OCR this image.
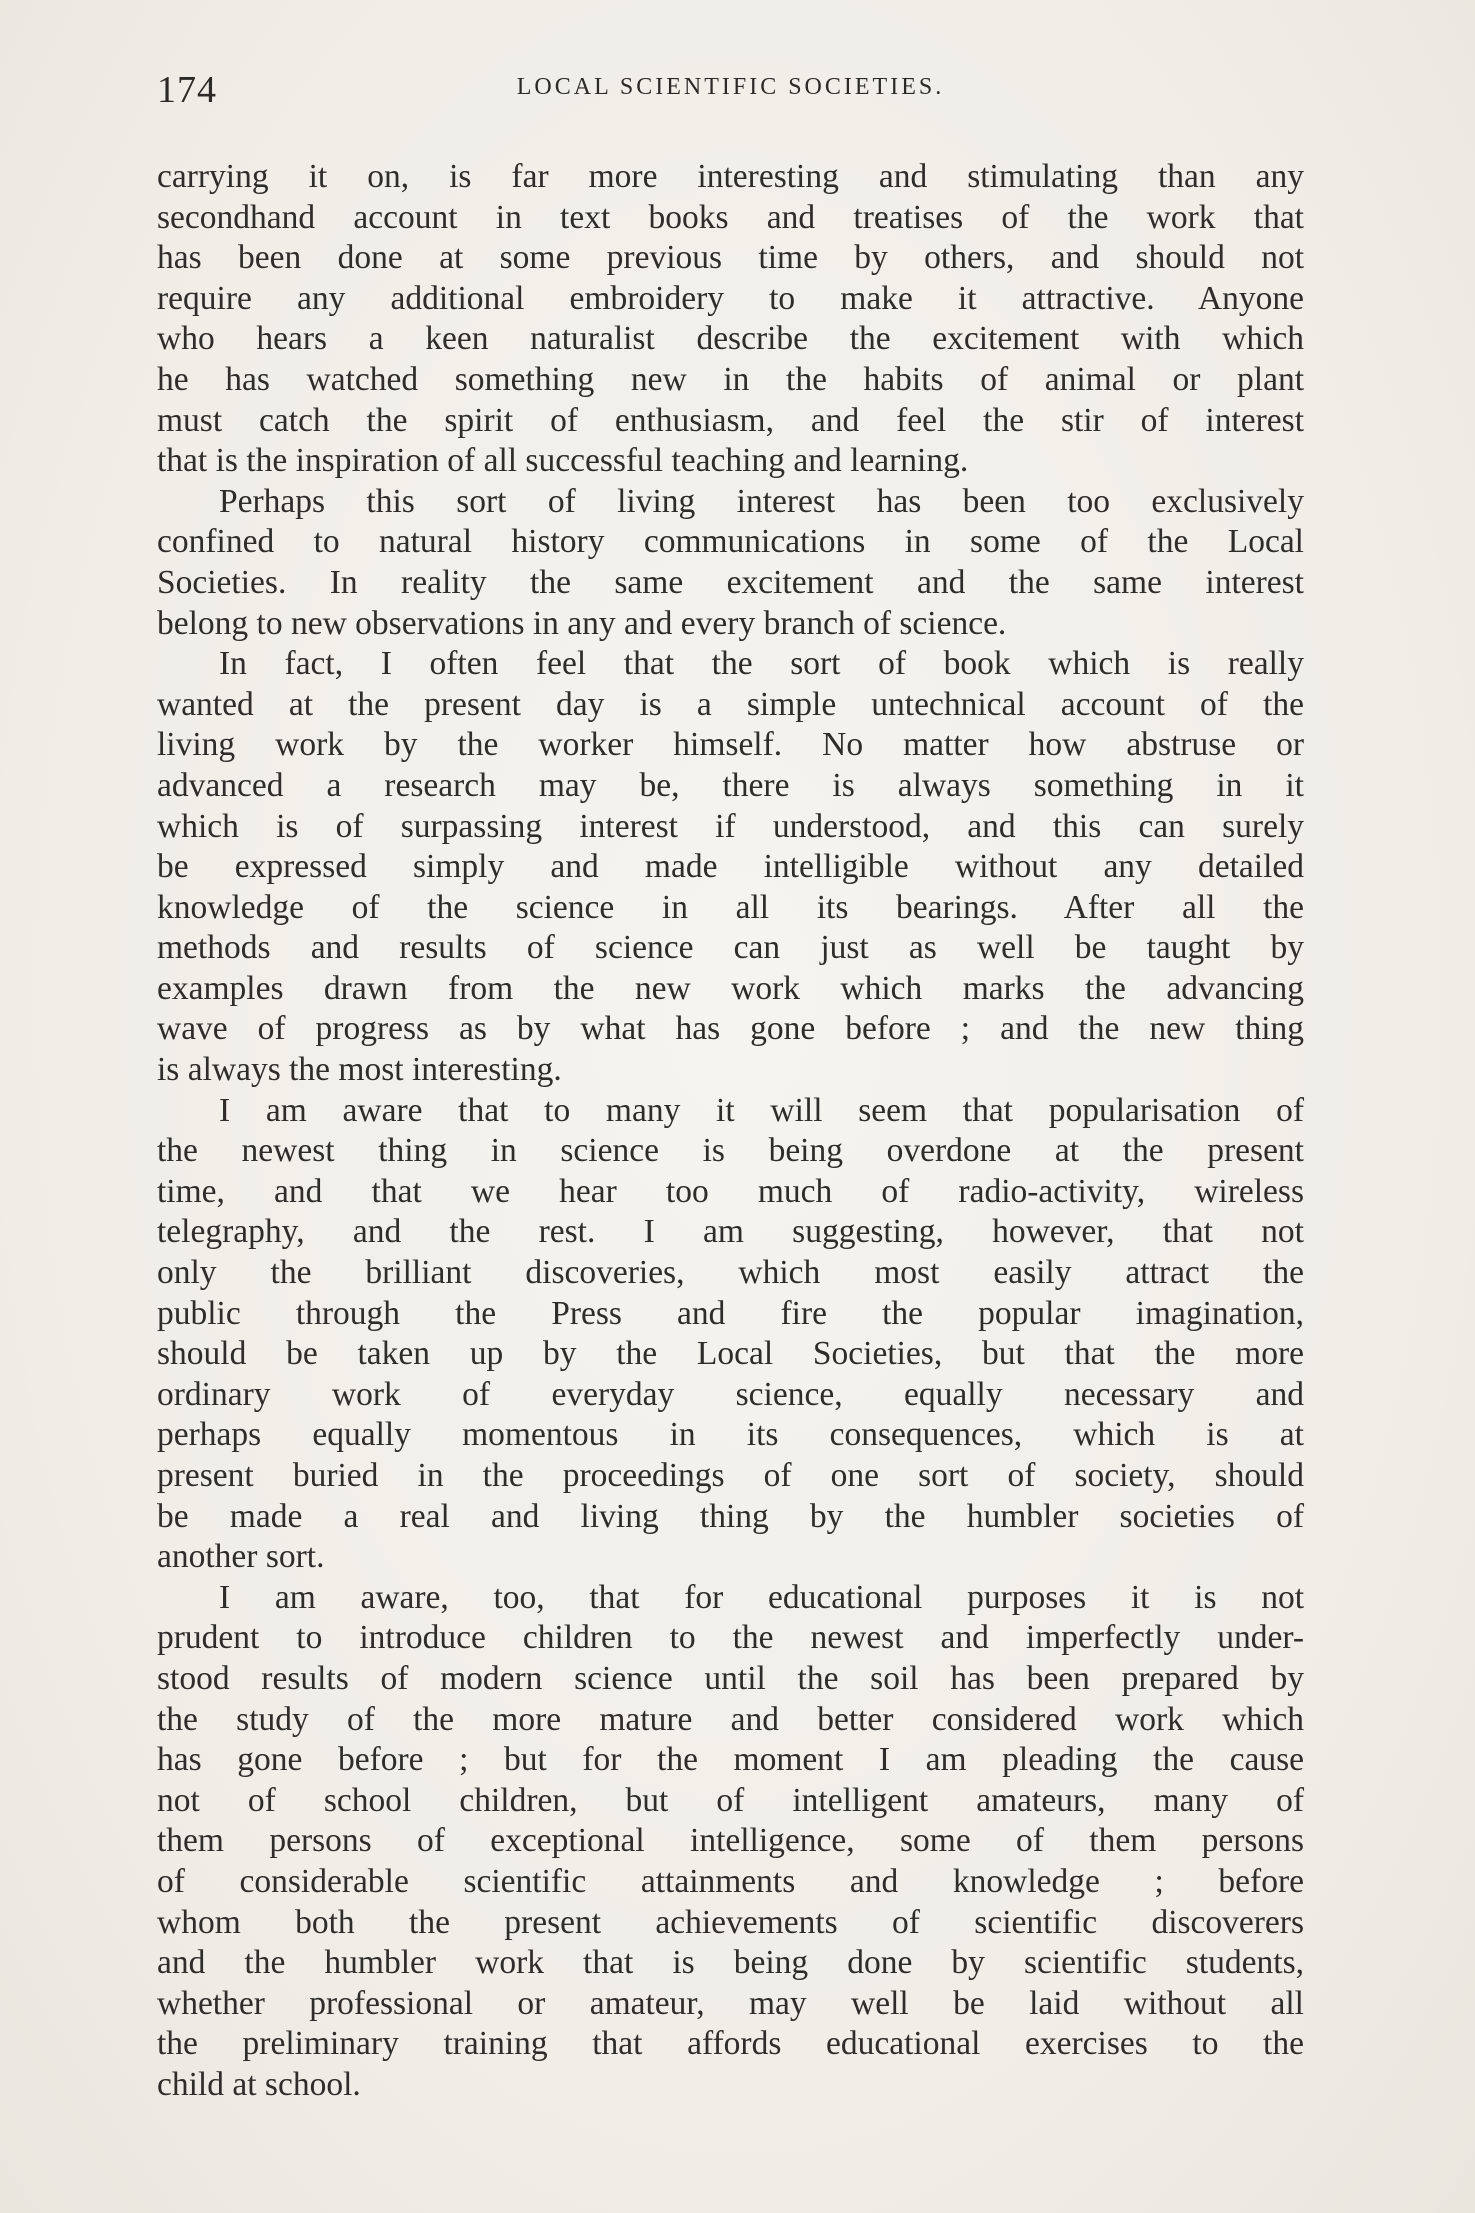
174	LOCAL SCIENTIFIC SOCIETIES.
carrying it on, is far more interesting and stimulating than any
secondhand account in text books and treatises of the work that
has been done at some previous time by others, and should not
require any additional embroidery to make it attractive. Anyone
who hears a keen naturalist describe the excitement with which
he has watched something new in the habits of animal or plant
must catch the spirit of enthusiasm, and feel the stir of interest
that is the inspiration of all successful teaching and learning.
Perhaps this sort of living interest has been too exclusively
confined to natural history communications in some of the Local
Societies. In reality the same excitement and the same interest
belong to new observations in any and every branch of science.
In fact, I often feel that the sort of book which is really
wanted at the present day is a simple untechnical account of the
living work by the worker himself. No matter how abstruse or
advanced a research may be, there is always something in it
which is of surpassing interest if understood, and this can surely
be expressed simply and made intelligible without any detailed
knowledge of the science in all its bearings. After all the
methods and results of science can just as well be taught by
examples drawn from the new work which marks the advancing
wave of progress as by what has gone before ; and the new thing
is always the most interesting.
I am aware that to many it will seem that popularisation of
the newest thing in science is being overdone at the present
time, and that we hear too much of radio-activity, wireless
telegraphy, and the rest. I am suggesting, however, that not
only the brilliant discoveries, which most easily attract the
public through the Press and fire the popular imagination,
should be taken up by the Local Societies, but that the more
ordinary work of everyday science, equally necessary and
perhaps equally momentous in its consequences, which is at
present buried in the proceedings of one sort of society, should
be made a real and living thing by the humbler societies of
another sort.
I am aware, too, that for educational purposes it is not
prudent to introduce children to the newest and imperfectly under-
stood results of modern science until the soil has been prepared by
the study of the more mature and better considered work which
has gone before ; but for the moment I am pleading the cause
not of school children, but of intelligent amateurs, many of
them persons of exceptional intelligence, some of them persons
of considerable scientific attainments and knowledge ; before
whom both the present achievements of scientific discoverers
and the humbler work that is being done by scientific students,
whether professional or amateur, may well be laid without all
the preliminary training that affords educational exercises to the
child at school.
